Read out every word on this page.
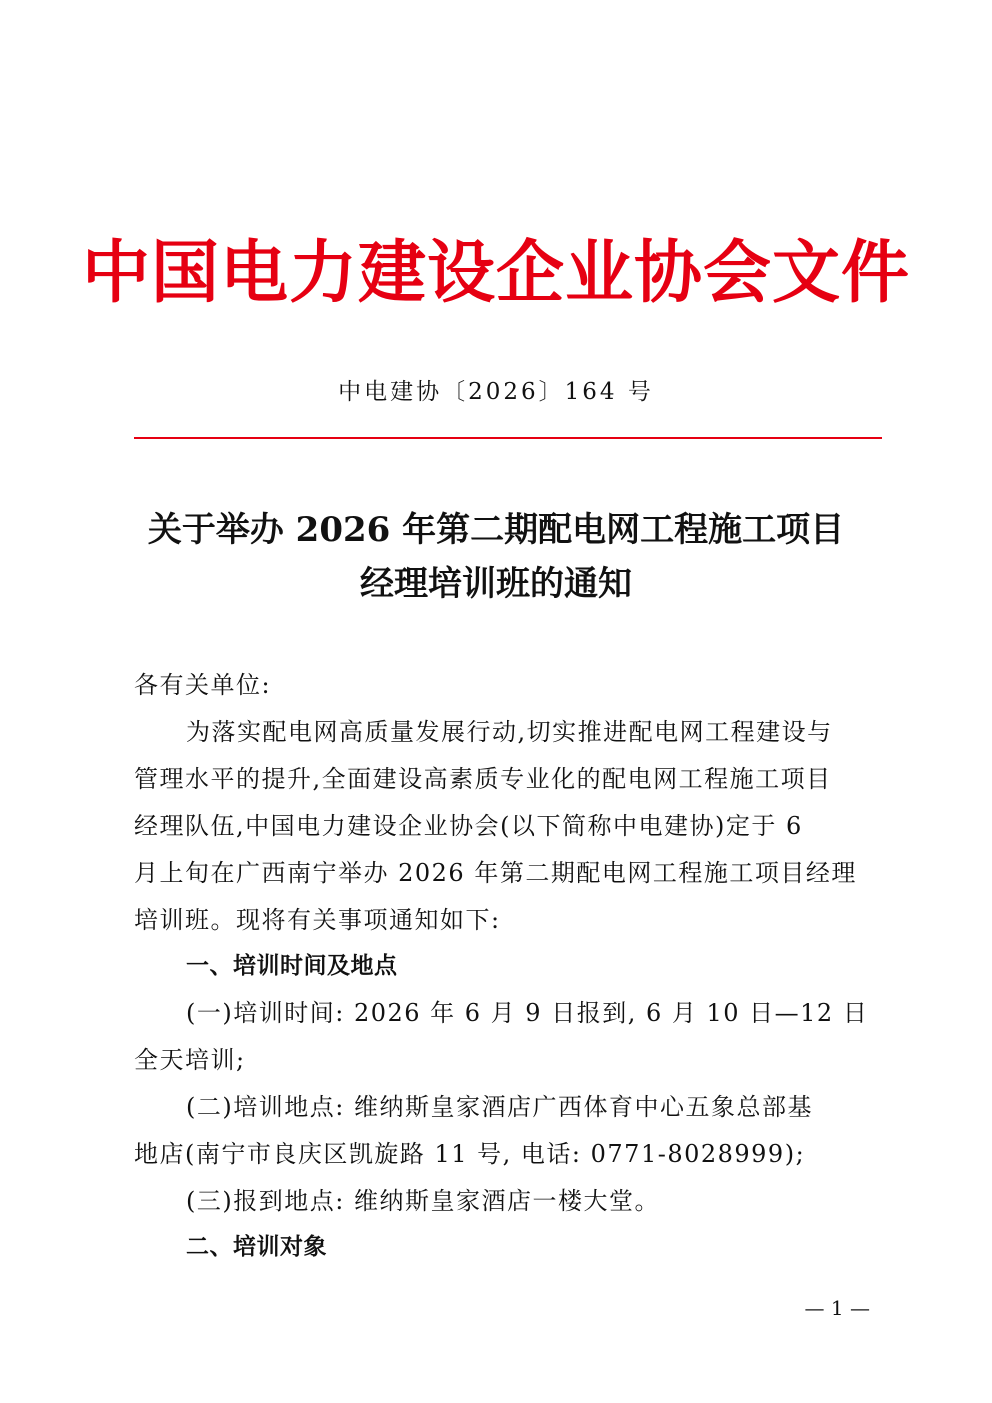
中国电力建设企业协会文件
中电建协〔2026〕164 号
关于举办 2026 年第二期配电网工程施工项目
经理培训班的通知
各有关单位:
为落实配电网高质量发展行动,切实推进配电网工程建设与
管理水平的提升,全面建设高素质专业化的配电网工程施工项目
经理队伍,中国电力建设企业协会(以下简称中电建协)定于 6
月上旬在广西南宁举办 2026 年第二期配电网工程施工项目经理
培训班。现将有关事项通知如下:
一、培训时间及地点
(一)培训时间: 2026 年 6 月 9 日报到, 6 月 10 日—12 日
全天培训;
(二)培训地点: 维纳斯皇家酒店广西体育中心五象总部基
地店(南宁市良庆区凯旋路 11 号, 电话: 0771-8028999);
(三)报到地点: 维纳斯皇家酒店一楼大堂。
二、培训对象
— 1 —
